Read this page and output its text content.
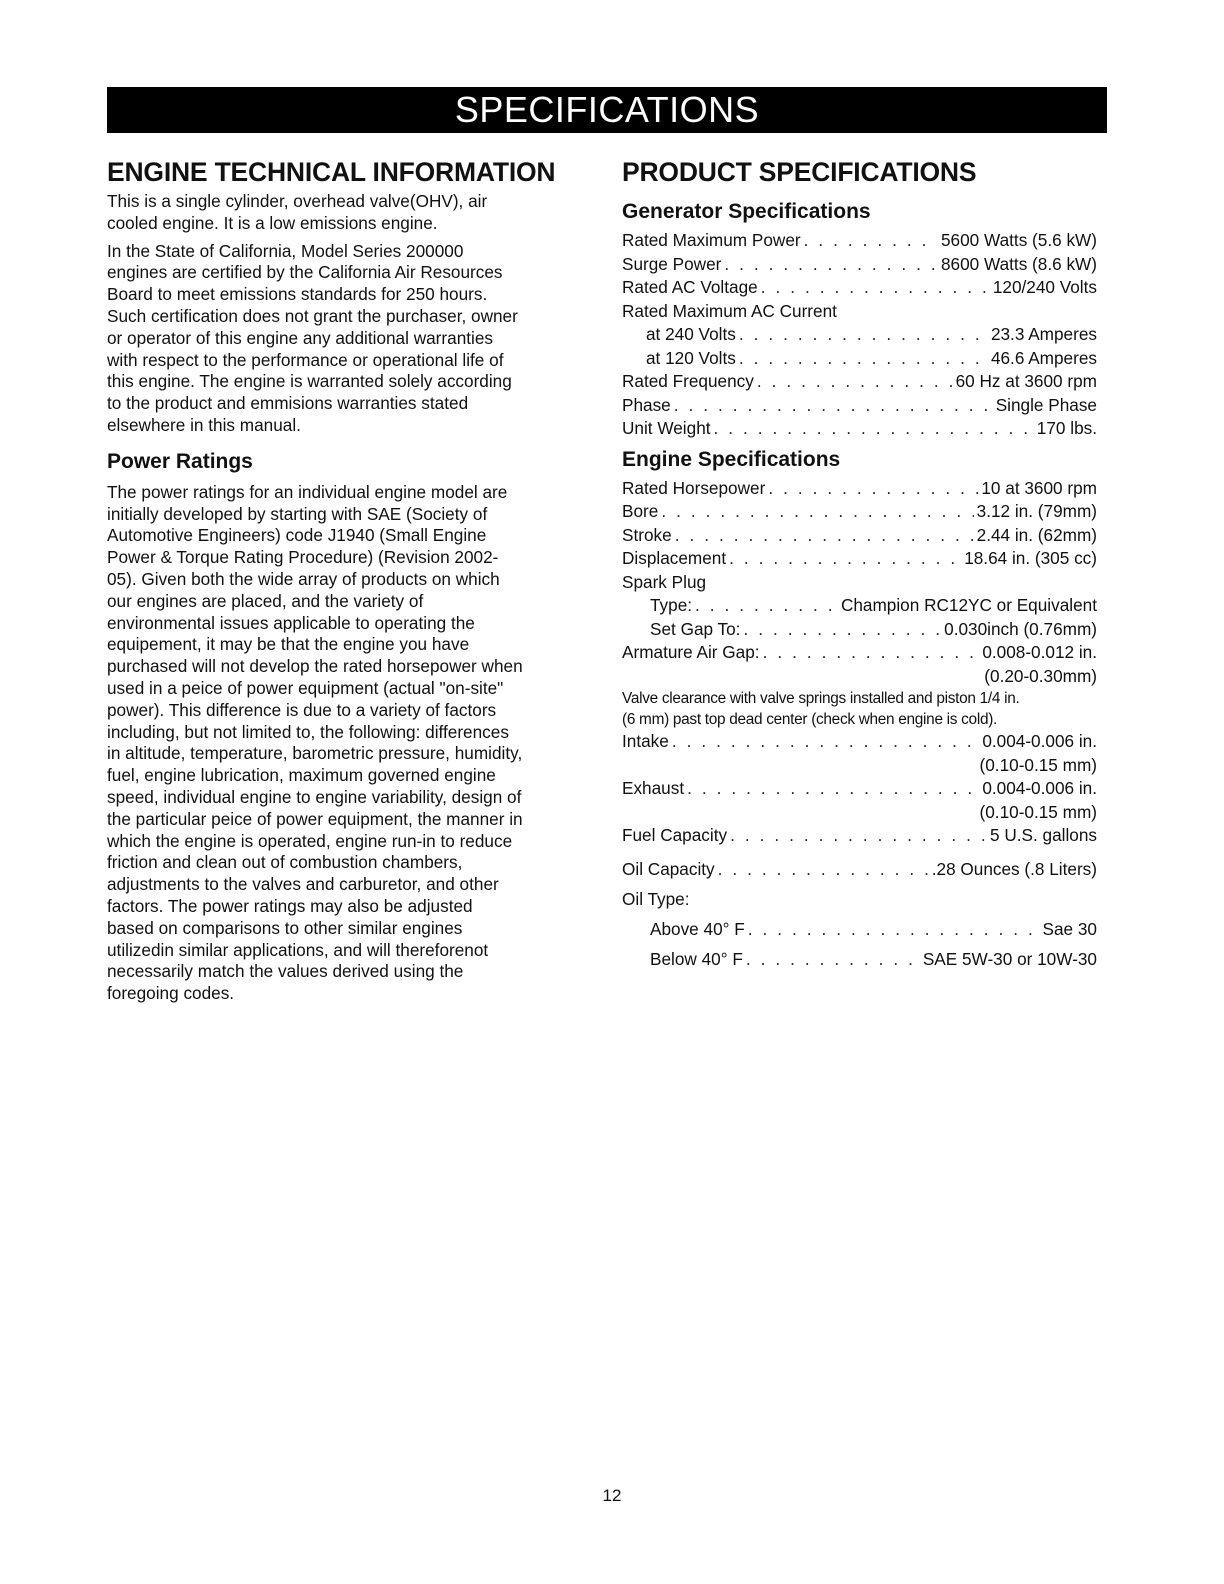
SPECIFICATIONS
ENGINE TECHNICAL INFORMATION

This is a single cylinder, overhead valve(OHV), air
cooled engine. It is a low emissions engine.

In the State of California, Model Series 200000
engines are certified by the California Air Resources
Board to meet emissions standards for 250 hours.
Such certification does not grant the purchaser, owner
or operator of this engine any additional warranties
with respect to the performance or operational life of
this engine. The engine is warranted solely according
to the product and emmisions warranties stated
elsewhere in this manual.

Power Ratings

The power ratings for an individual engine model are
initially developed by starting with SAE (Society of
Automotive Engineers) code J1940 (Small Engine
Power & Torque Rating Procedure) (Revision 2002-
05). Given both the wide array of products on which
our engines are placed, and the variety of
environmental issues applicable to operating the
equipement, it may be that the engine you have
purchased will not develop the rated horsepower when
used in a peice of power equipment (actual "on-site"
power). This difference is due to a variety of factors
including, but not limited to, the following: differences
in altitude, temperature, barometric pressure, humidity,
fuel, engine lubrication, maximum governed engine
speed, individual engine to engine variability, design of
the particular peice of power equipment, the manner in
which the engine is operated, engine run-in to reduce
friction and clean out of combustion chambers,
adjustments to the valves and carburetor, and other
factors. The power ratings may also be adjusted
based on comparisons to other similar engines
utilizedin similar applications, and will thereforenot
necessarily match the values derived using the
foregoing codes.

PRODUCT SPECIFICATIONS
Generator Specifications
Rated Maximum Power . . .	5600 Watts (5.6 kW)
Surge Power . . .	8600 Watts (8.6 kW)
Rated AC Voltage . . .	120/240 Volts
Rated Maximum AC Current
at 240 Volts . . .	23.3 Amperes
at 120 Volts . . .	46.6 Amperes
Rated Frequency . . .	60 Hz at 3600 rpm
Phase . . .	Single Phase
Unit Weight . . .	170 lbs.
Engine Specifications
Rated Horsepower . . .	10 at 3600 rpm
Bore . . .	3.12 in. (79mm)
Stroke . . .	2.44 in. (62mm)
Displacement . . .	18.64 in. (305 cc)
Spark Plug
Type: . . .	Champion RC12YC or Equivalent
Set Gap To: . . .	0.030inch (0.76mm)
Armature Air Gap: . . .	0.008-0.012 in.
(0.20-0.30mm)
Valve clearance with valve springs installed and piston 1/4 in.
(6 mm) past top dead center (check when engine is cold).
Intake . . .	0.004-0.006 in.
(0.10-0.15 mm)
Exhaust . . .	0.004-0.006 in.
(0.10-0.15 mm)
Fuel Capacity . . .	5 U.S. gallons
Oil Capacity . . .	.28 Ounces (.8 Liters)
Oil Type:
Above 40° F . . .	Sae 30
Below 40° F . . .	SAE 5W-30 or 10W-30
12
